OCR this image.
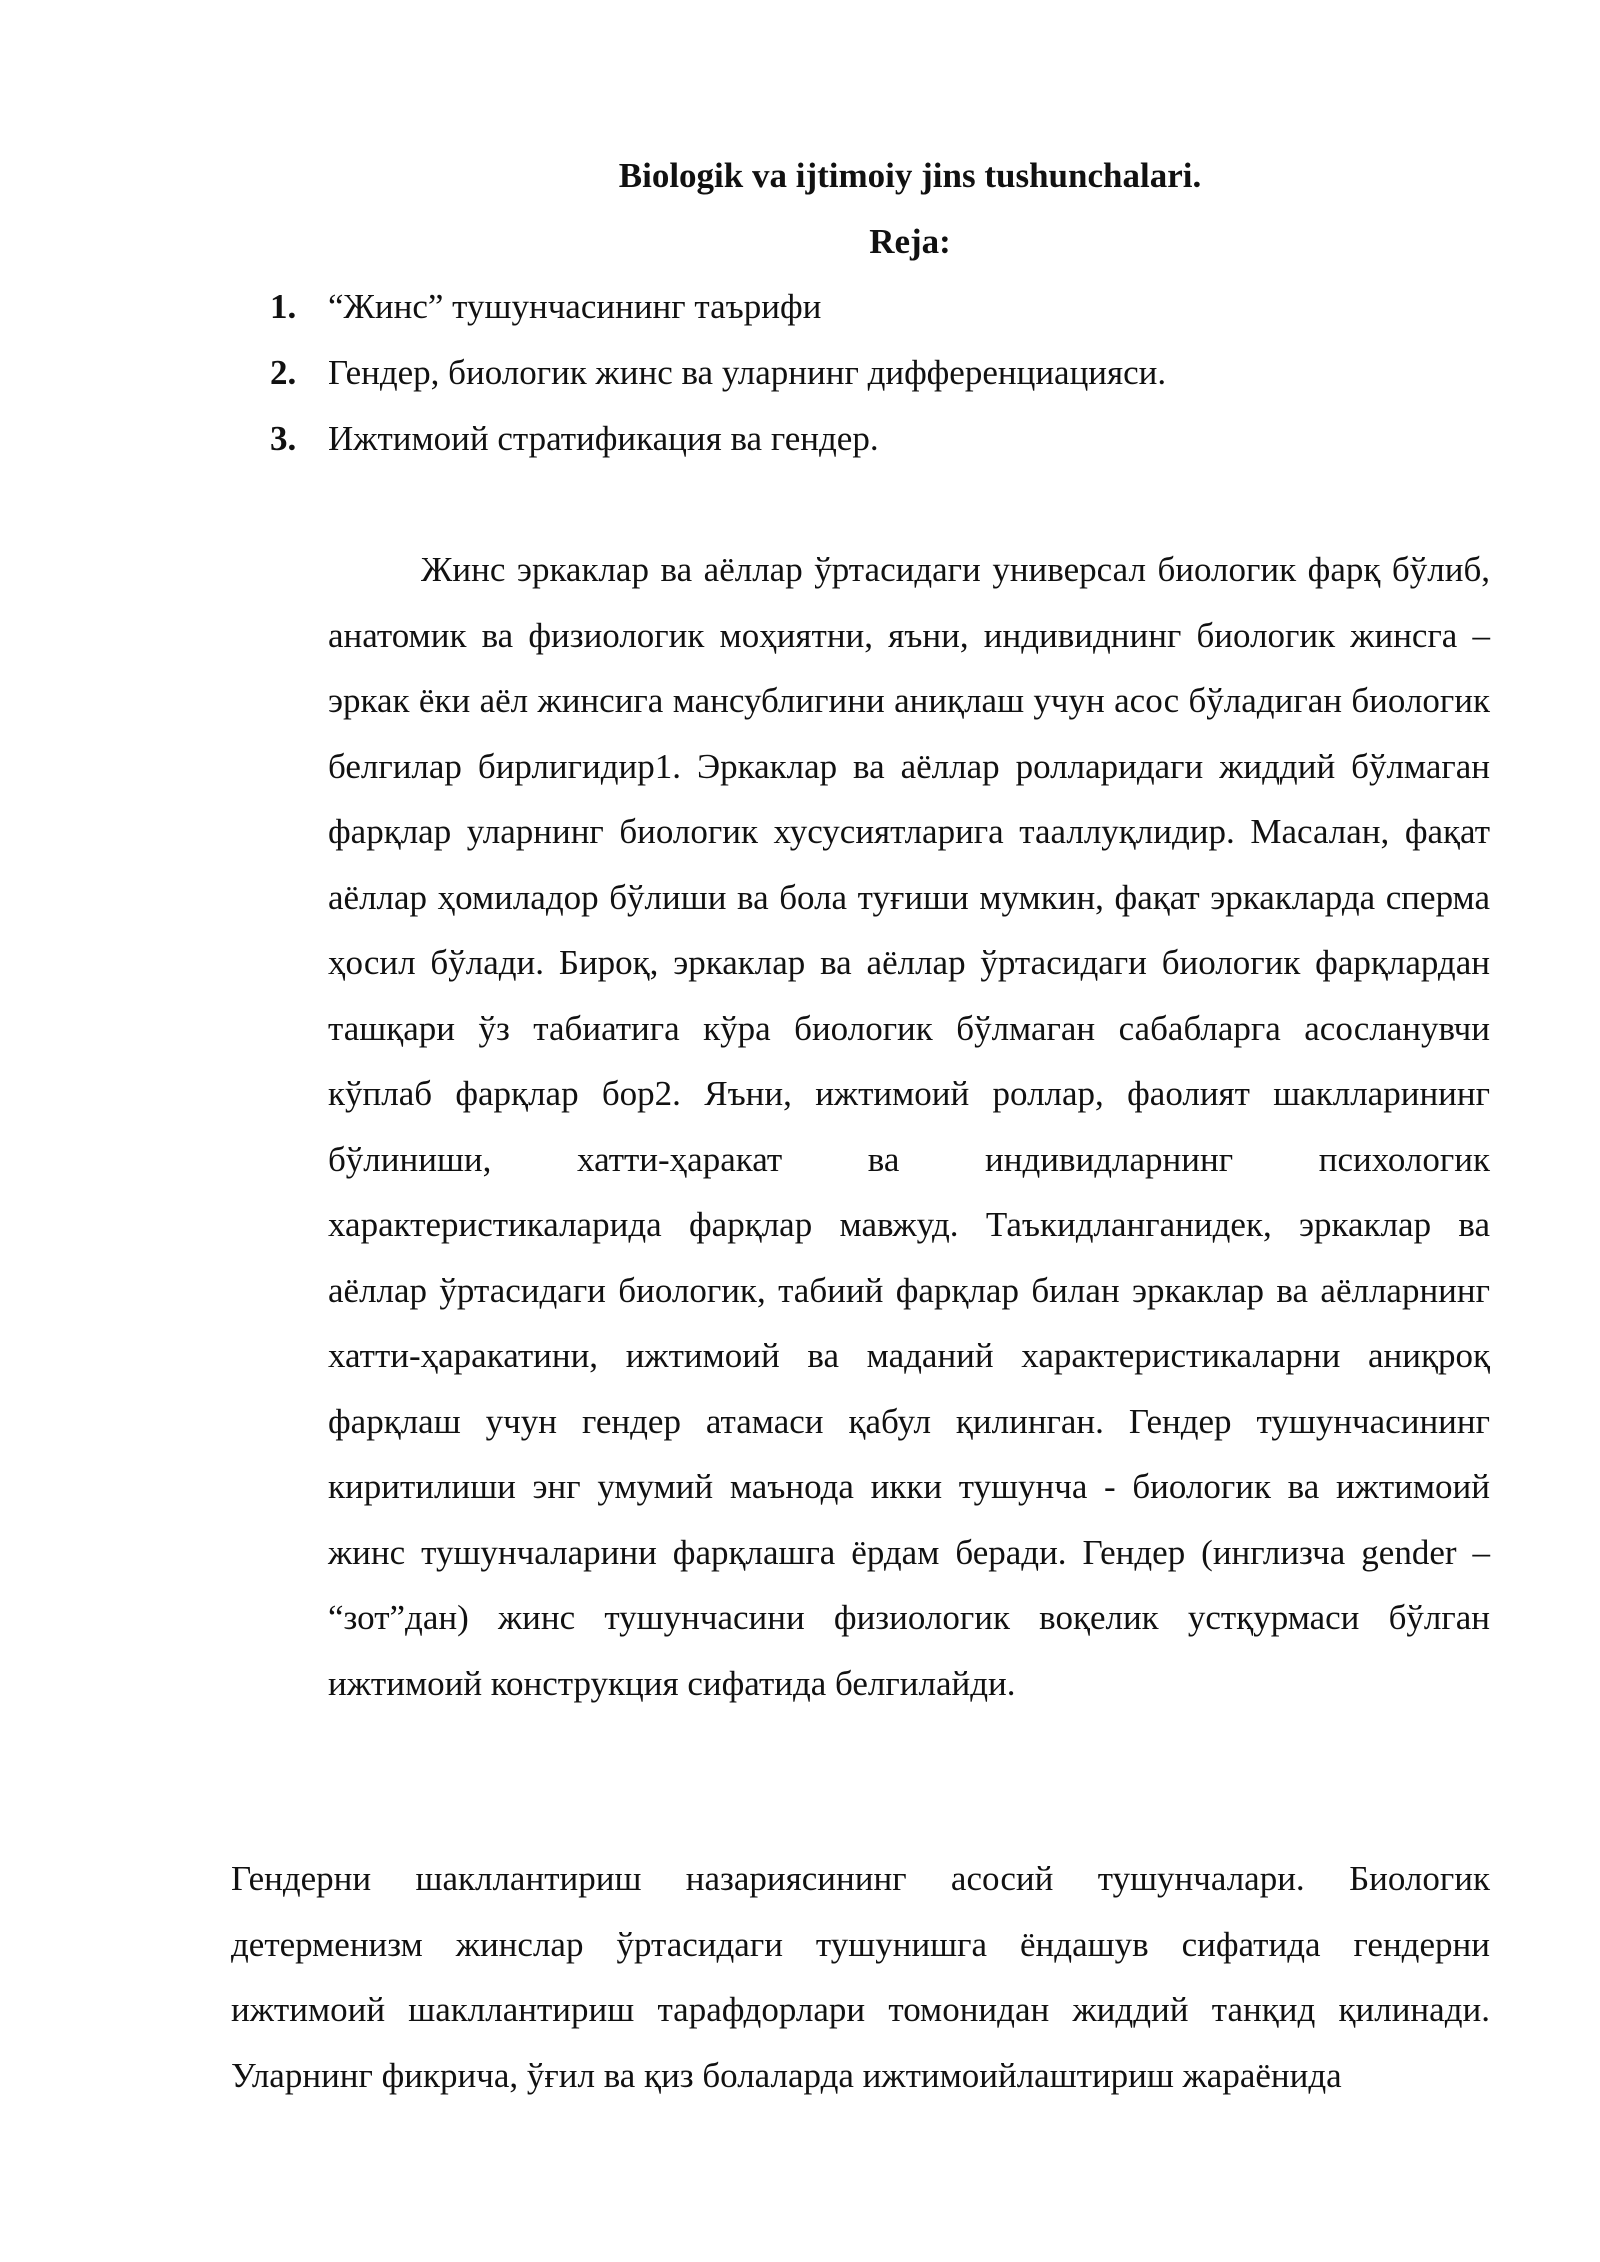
Biologik va ijtimoiy jins tushunchalari.
Reja:
1. “Жинс” тушунчасининг таърифи
2. Гендер, биологик жинс ва уларнинг дифференциацияси.
3. Ижтимоий стратификация ва гендер.

Жинс эркаклар ва аёллар ўртасидаги универсал биологик фарқ бўлиб, анатомик ва физиологик моҳиятни, яъни, индивиднинг биологик жинсга – эркак ёки аёл жинсига мансублигини аниқлаш учун асос бўладиган биологик белгилар бирлигидир1. Эркаклар ва аёллар ролларидаги жиддий бўлмаган фарқлар уларнинг биологик хусусиятларига тааллуқлидир. Масалан, фақат аёллар ҳомиладор бўлиши ва бола туғиши мумкин, фақат эркакларда сперма ҳосил бўлади. Бироқ, эркаклар ва аёллар ўртасидаги биологик фарқлардан ташқари ўз табиатига кўра биологик бўлмаган сабабларга асосланувчи кўплаб фарқлар бор2. Яъни, ижтимоий роллар, фаолият шаклларининг бўлиниши, хатти-ҳаракат ва индивидларнинг психологик характеристикаларида фарқлар мавжуд. Таъкидланганидек, эркаклар ва аёллар ўртасидаги биологик, табиий фарқлар билан эркаклар ва аёлларнинг хатти-ҳаракатини, ижтимоий ва маданий характеристикаларни аниқроқ фарқлаш учун гендер атамаси қабул қилинган. Гендер тушунчасининг киритилиши энг умумий маънода икки тушунча - биологик ва ижтимоий жинс тушунчаларини фарқлашга ёрдам беради. Гендер (инглизча gender – “зот”дан) жинс тушунчасини физиологик воқелик устқурмаси бўлган ижтимоий конструкция сифатида белгилайди.

Гендерни шакллантириш назариясининг асосий тушунчалари. Биологик детерменизм жинслар ўртасидаги тушунишга ёндашув сифатида гендерни ижтимоий шакллантириш тарафдорлари томонидан жиддий танқид қилинади. Уларнинг фикрича, ўғил ва қиз болаларда ижтимоийлаштириш жараёнида
